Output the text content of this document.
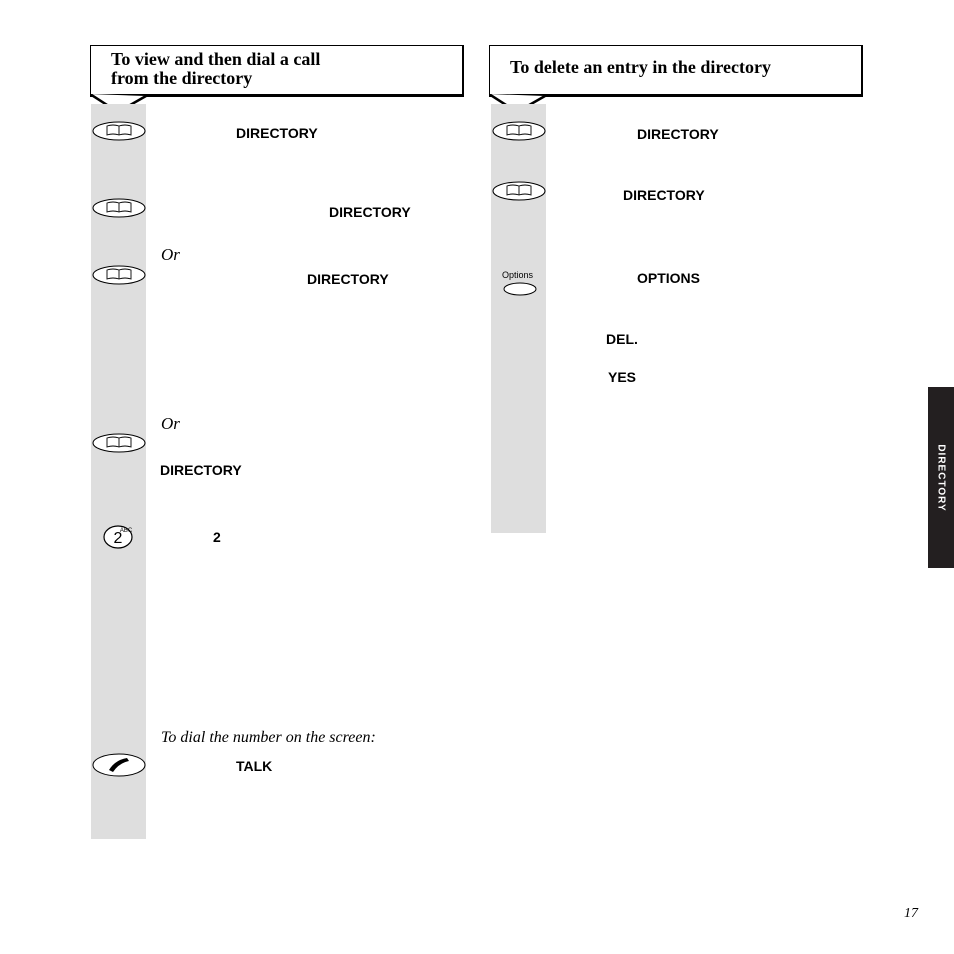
To view and then dial a call
from the directory
DIRECTORY
DIRECTORY
Or
DIRECTORY
Or
DIRECTORY
2
ABC	2
To dial the number on the screen:
TALK
To delete an entry in the directory
DIRECTORY
DIRECTORY
Options	OPTIONS
DEL.
YES
DIRECTORY
17
